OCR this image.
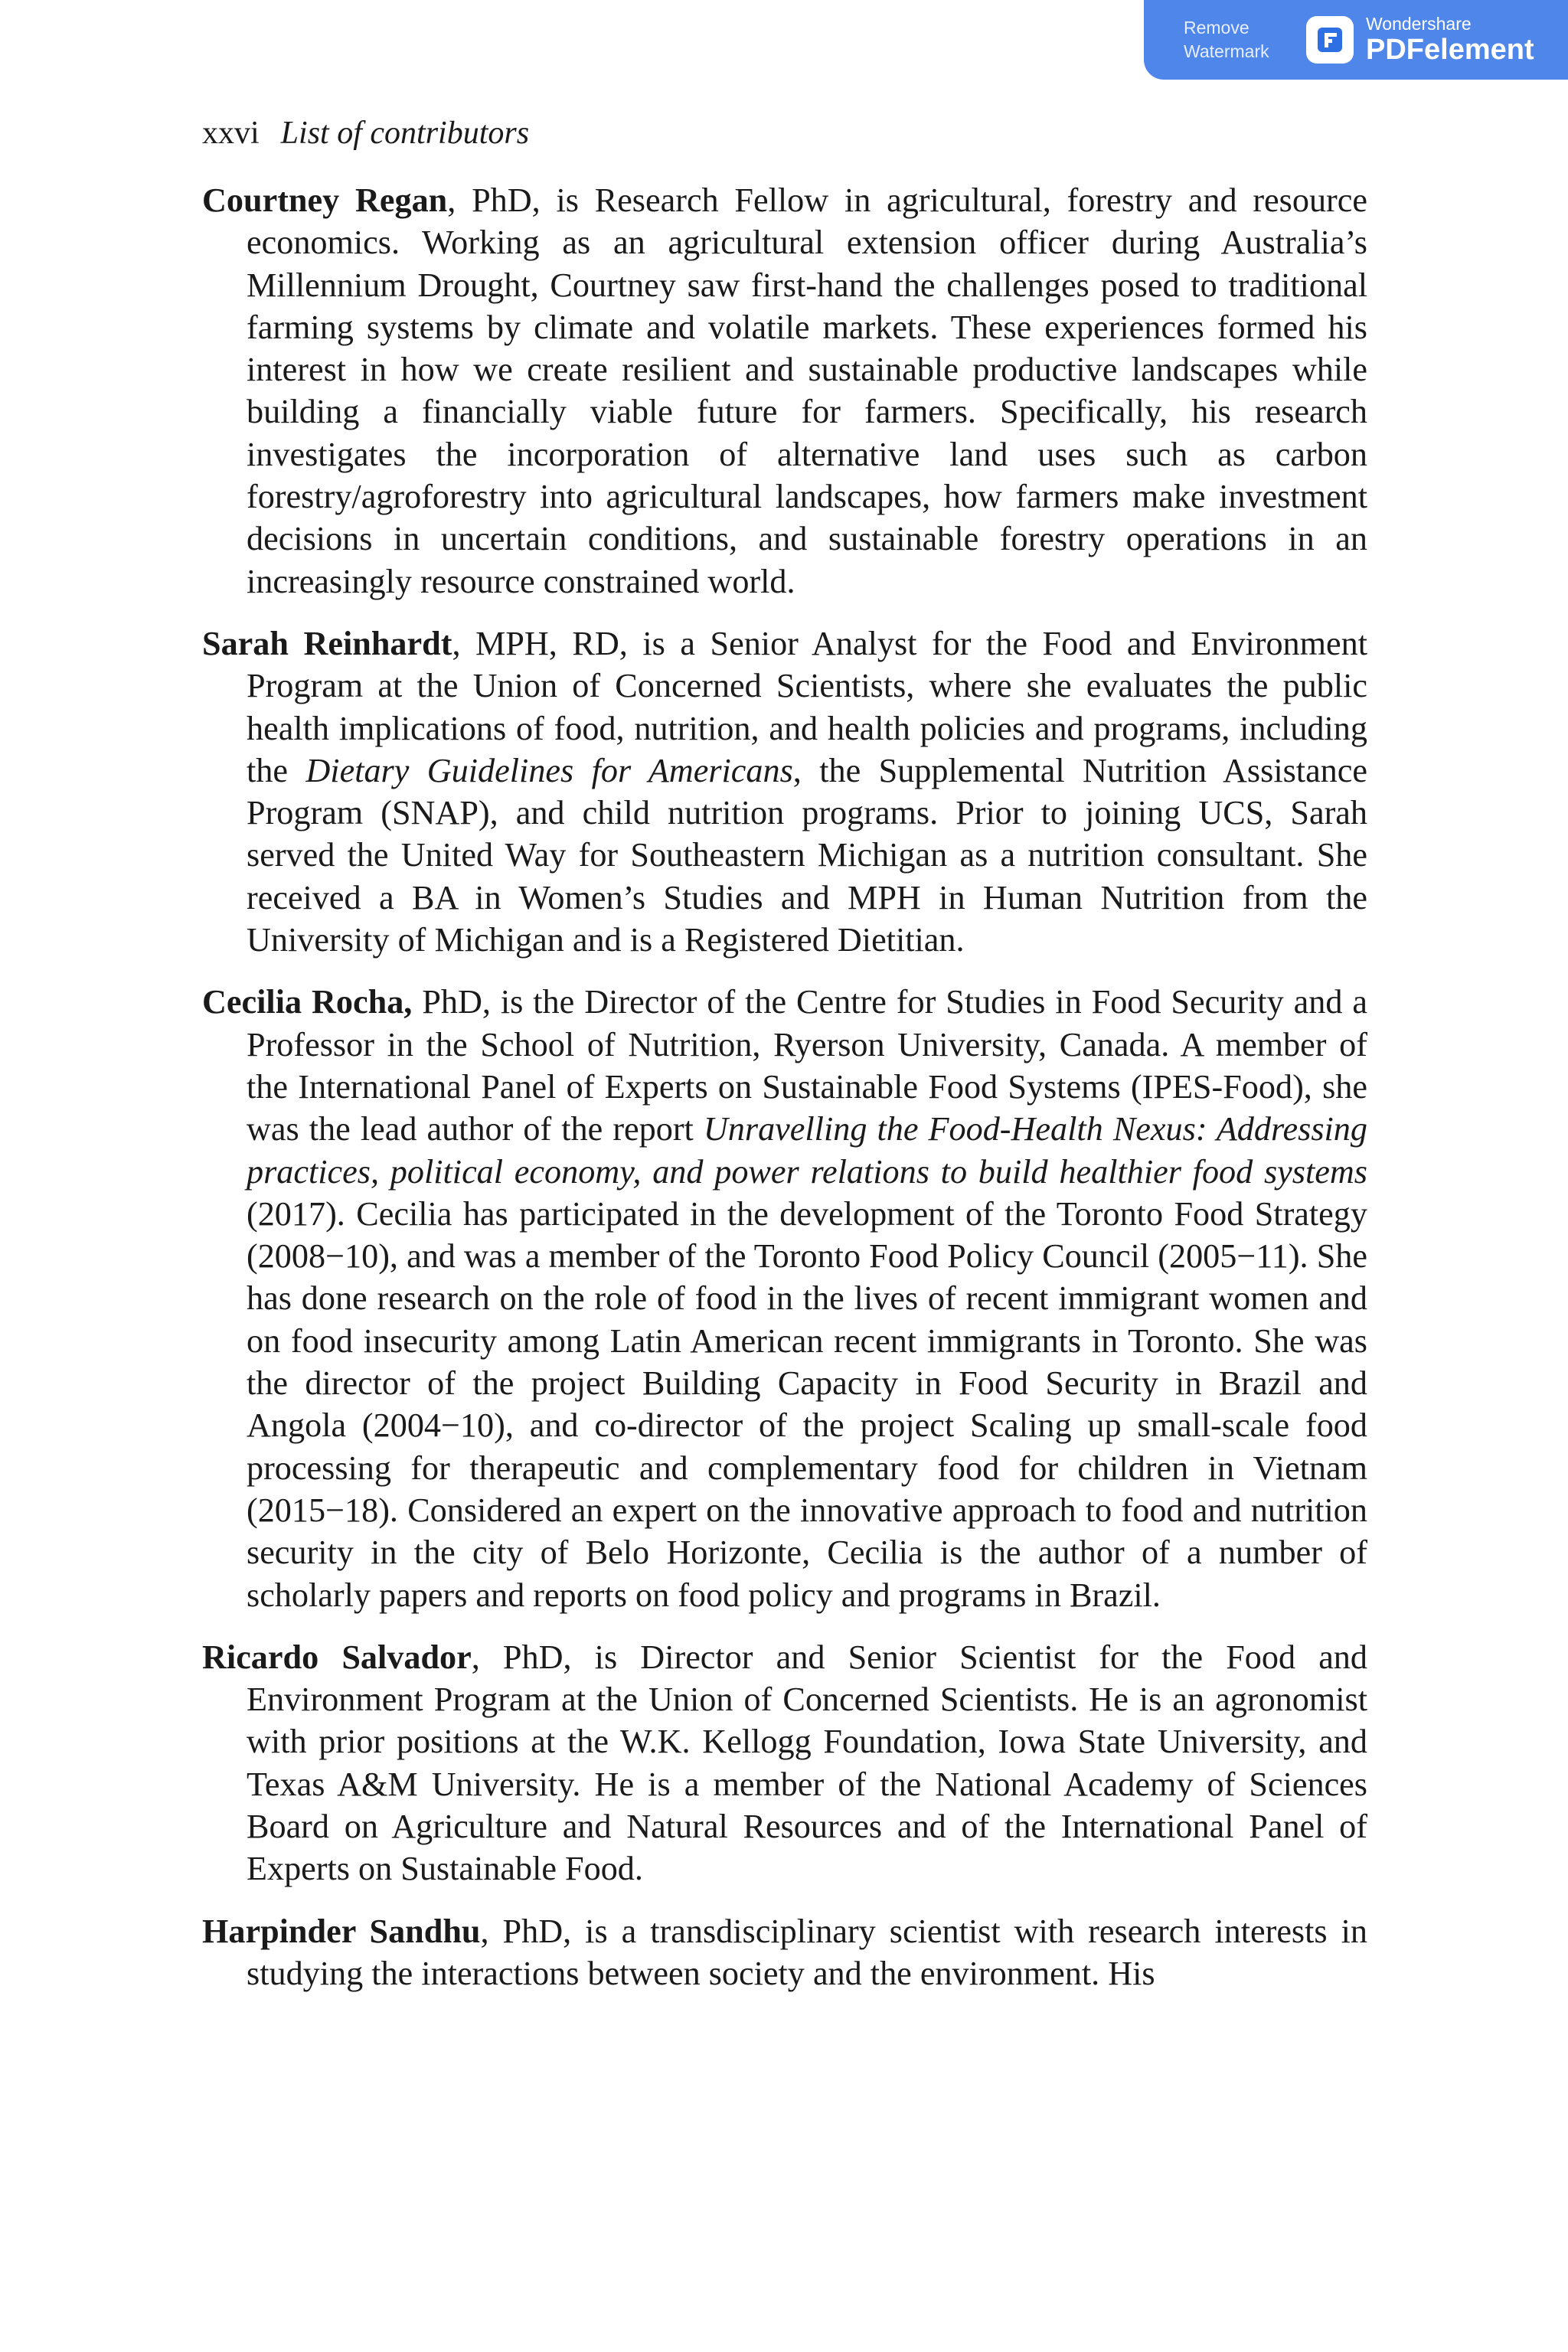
Remove
Watermark
Wondershare
PDFelement
xxvi List of contributors

Courtney Regan, PhD, is Research Fellow in agricultural, forestry and resource economics. Working as an agricultural extension officer during Australia’s Millennium Drought, Courtney saw first-hand the challenges posed to traditional farming systems by climate and volatile markets. These experiences formed his interest in how we create resilient and sustainable productive landscapes while building a financially viable future for farmers. Specifically, his research investigates the incorporation of alternative land uses such as carbon forestry/agroforestry into agricultural landscapes, how farmers make investment decisions in uncertain conditions, and sustainable forestry operations in an increasingly resource constrained world.

Sarah Reinhardt, MPH, RD, is a Senior Analyst for the Food and Environment Program at the Union of Concerned Scientists, where she evaluates the public health implications of food, nutrition, and health policies and programs, including the Dietary Guidelines for Americans, the Supplemental Nutrition Assistance Program (SNAP), and child nutrition programs. Prior to joining UCS, Sarah served the United Way for Southeastern Michigan as a nutrition consultant. She received a BA in Women’s Studies and MPH in Human Nutrition from the University of Michigan and is a Registered Dietitian.

Cecilia Rocha, PhD, is the Director of the Centre for Studies in Food Security and a Professor in the School of Nutrition, Ryerson University, Canada. A member of the International Panel of Experts on Sustainable Food Systems (IPES-Food), she was the lead author of the report Unravelling the Food-Health Nexus: Addressing practices, political economy, and power relations to build healthier food systems (2017). Cecilia has participated in the development of the Toronto Food Strategy (2008−10), and was a member of the Toronto Food Policy Council (2005−11). She has done research on the role of food in the lives of recent immigrant women and on food insecurity among Latin American recent immigrants in Toronto. She was the director of the project Building Capacity in Food Security in Brazil and Angola (2004−10), and co-director of the project Scaling up small-scale food processing for therapeutic and complementary food for children in Vietnam (2015−18). Considered an expert on the innovative approach to food and nutrition security in the city of Belo Horizonte, Cecilia is the author of a number of scholarly papers and reports on food policy and programs in Brazil.

Ricardo Salvador, PhD, is Director and Senior Scientist for the Food and Environment Program at the Union of Concerned Scientists. He is an agronomist with prior positions at the W.K. Kellogg Foundation, Iowa State University, and Texas A&M University. He is a member of the National Academy of Sciences Board on Agriculture and Natural Resources and of the International Panel of Experts on Sustainable Food.

Harpinder Sandhu, PhD, is a transdisciplinary scientist with research interests in studying the interactions between society and the environment. His
